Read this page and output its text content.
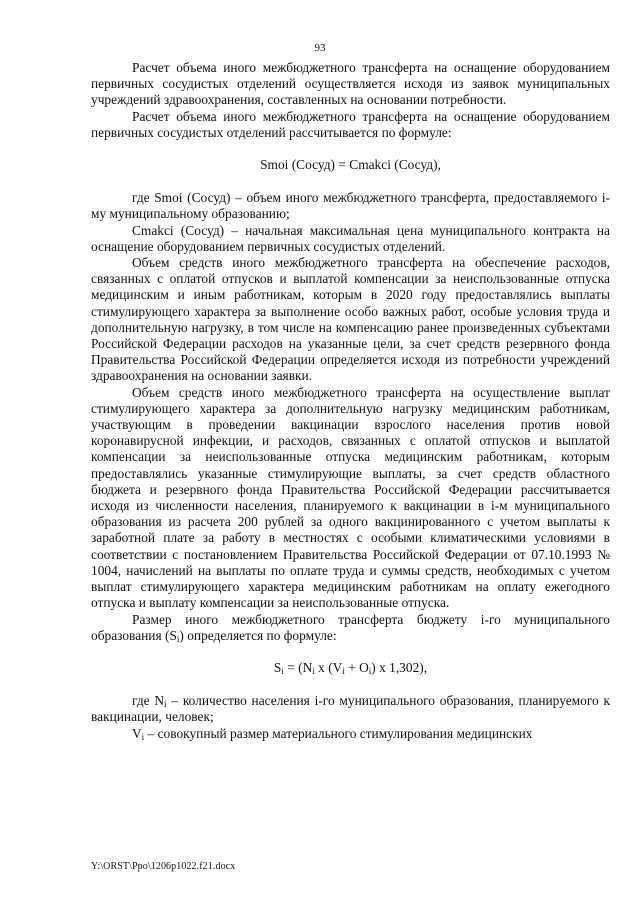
93

Расчет объема иного межбюджетного трансферта на оснащение оборудованием первичных сосудистых отделений осуществляется исходя из заявок муниципальных учреждений здравоохранения, составленных на основании потребности.

Расчет объема иного межбюджетного трансферта на оснащение оборудованием первичных сосудистых отделений рассчитывается по формуле:

Smoi (Сосуд) = Cmakci (Сосуд),

где Smoi (Сосуд) – объем иного межбюджетного трансферта, предоставляемого i-му муниципальному образованию;

Cmakci (Сосуд) – начальная максимальная цена муниципального контракта на оснащение оборудованием первичных сосудистых отделений.

Объем средств иного межбюджетного трансферта на обеспечение расходов, связанных с оплатой отпусков и выплатой компенсации за неиспользованные отпуска медицинским и иным работникам, которым в 2020 году предоставлялись выплаты стимулирующего характера за выполнение особо важных работ, особые условия труда и дополнительную нагрузку, в том числе на компенсацию ранее произведенных субъектами Российской Федерации расходов на указанные цели, за счет средств резервного фонда Правительства Российской Федерации определяется исходя из потребности учреждений здравоохранения на основании заявки.

Объем средств иного межбюджетного трансферта на осуществление выплат стимулирующего характера за дополнительную нагрузку медицинским работникам, участвующим в проведении вакцинации взрослого населения против новой коронавирусной инфекции, и расходов, связанных с оплатой отпусков и выплатой компенсации за неиспользованные отпуска медицинским работникам, которым предоставлялись указанные стимулирующие выплаты, за счет средств областного бюджета и резервного фонда Правительства Российской Федерации рассчитывается исходя из численности населения, планируемого к вакцинации в i-м муниципального образования из расчета 200 рублей за одного вакцинированного с учетом выплаты к заработной плате за работу в местностях с особыми климатическими условиями в соответствии с постановлением Правительства Российской Федерации от 07.10.1993 № 1004, начислений на выплаты по оплате труда и суммы средств, необходимых с учетом выплат стимулирующего характера медицинским работникам на оплату ежегодного отпуска и выплату компенсации за неиспользованные отпуска.

Размер иного межбюджетного трансферта бюджету i-го муниципального образования $(S_i)$ определяется по формуле:

$S_i = (N_i$ x $(V_i + O_i)$ x 1,302),

где $N_i$ – количество населения i-го муниципального образования, планируемого к вакцинации, человек;

$V_i$ – совокупный размер материального стимулирования медицинских

Y:\ORST\Ppo\1206p1022.f21.docx
